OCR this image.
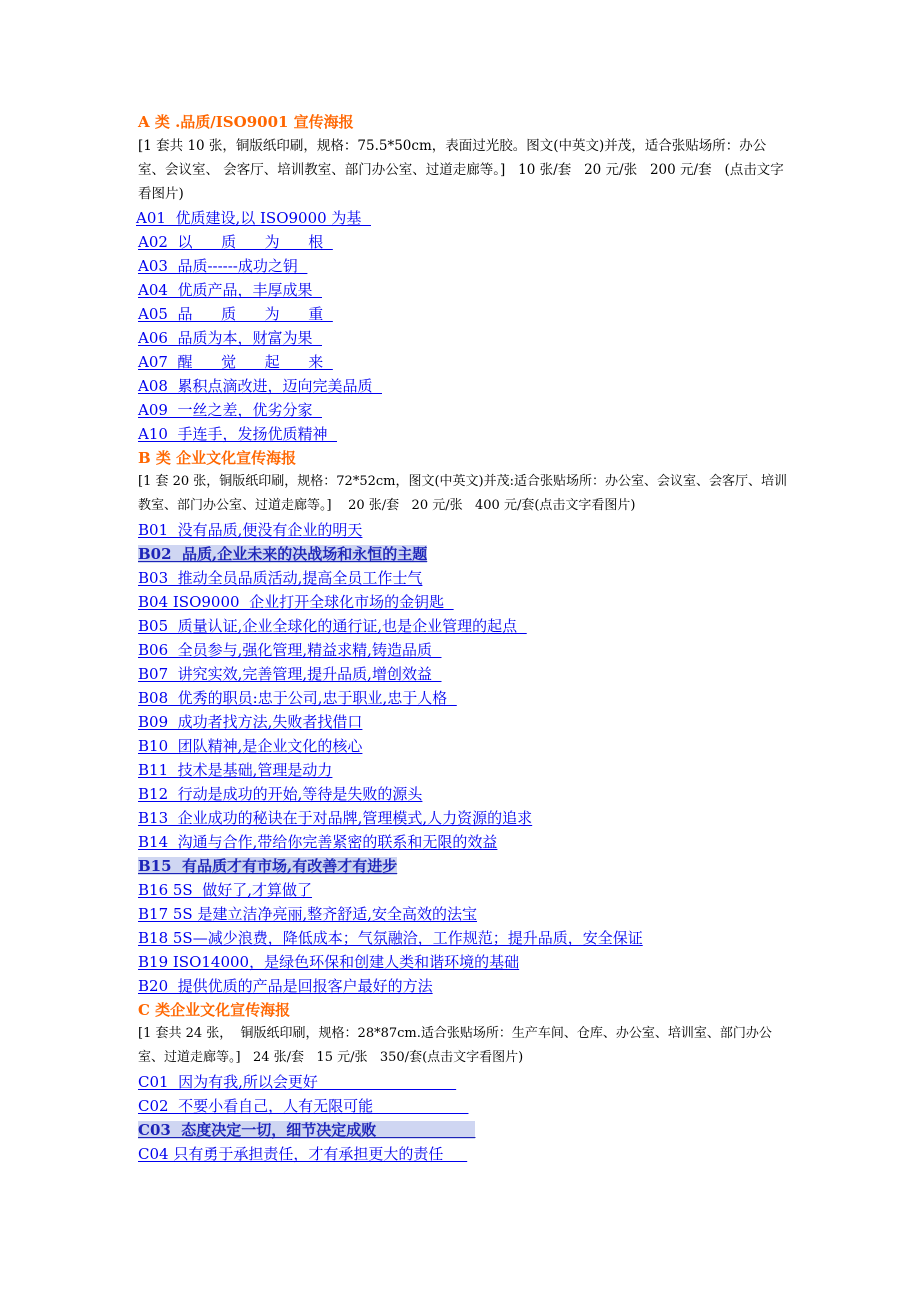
A 类 .品质/ISO9001 宣传海报
[1 套共 10 张，铜版纸印刷，规格：75.5*50cm，表面过光胶。图文(中英文)并茂，适合张贴场所：办公室、会议室、 会客厅、培训教室、部门办公室、过道走廊等。]   10 张/套   20 元/张   200 元/套   (点击文字看图片)
A01  优质建设,以 ISO9000 为基
A02  以      质      为      根
A03  品质------成功之钥
A04  优质产品，丰厚成果
A05  品      质      为      重
A06  品质为本，财富为果
A07  醒      觉      起      来
A08  累积点滴改进，迈向完美品质
A09  一丝之差，优劣分家
A10  手连手，发扬优质精神
B 类 企业文化宣传海报
[1 套 20 张，铜版纸印刷，规格：72*52cm，图文(中英文)并茂:适合张贴场所：办公室、会议室、会客厅、培训教室、部门办公室、过道走廊等。]    20 张/套   20 元/张   400 元/套(点击文字看图片)
B01  没有品质,便没有企业的明天
B02  品质,企业未来的决战场和永恒的主题
B03  推动全员品质活动,提高全员工作士气
B04 ISO9000  企业打开全球化市场的金钥匙
B05  质量认证,企业全球化的通行证,也是企业管理的起点
B06  全员参与,强化管理,精益求精,铸造品质
B07  讲究实效,完善管理,提升品质,增创效益
B08  优秀的职员:忠于公司,忠于职业,忠于人格
B09  成功者找方法,失败者找借口
B10  团队精神,是企业文化的核心
B11  技术是基础,管理是动力
B12  行动是成功的开始,等待是失败的源头
B13  企业成功的秘诀在于对品牌,管理模式,人力资源的追求
B14  沟通与合作,带给你完善紧密的联系和无限的效益
B15  有品质才有市场,有改善才有进步
B16 5S  做好了,才算做了
B17 5S 是建立洁净亮丽,整齐舒适,安全高效的法宝
B18 5S—减少浪费，降低成本；气氛融洽，工作规范；提升品质，安全保证
B19 ISO14000，是绿色环保和创建人类和谐环境的基础
B20  提供优质的产品是回报客户最好的方法
C 类企业文化宣传海报
[1 套共 24 张，  铜版纸印刷，规格：28*87cm.适合张贴场所：生产车间、仓库、办公室、培训室、部门办公室、过道走廊等。]   24 张/套   15 元/张   350/套(点击文字看图片)
C01  因为有我,所以会更好
C02  不要小看自己，人有无限可能
C03  态度决定一切，细节决定成败
C04 只有勇于承担责任，才有承担更大的责任
